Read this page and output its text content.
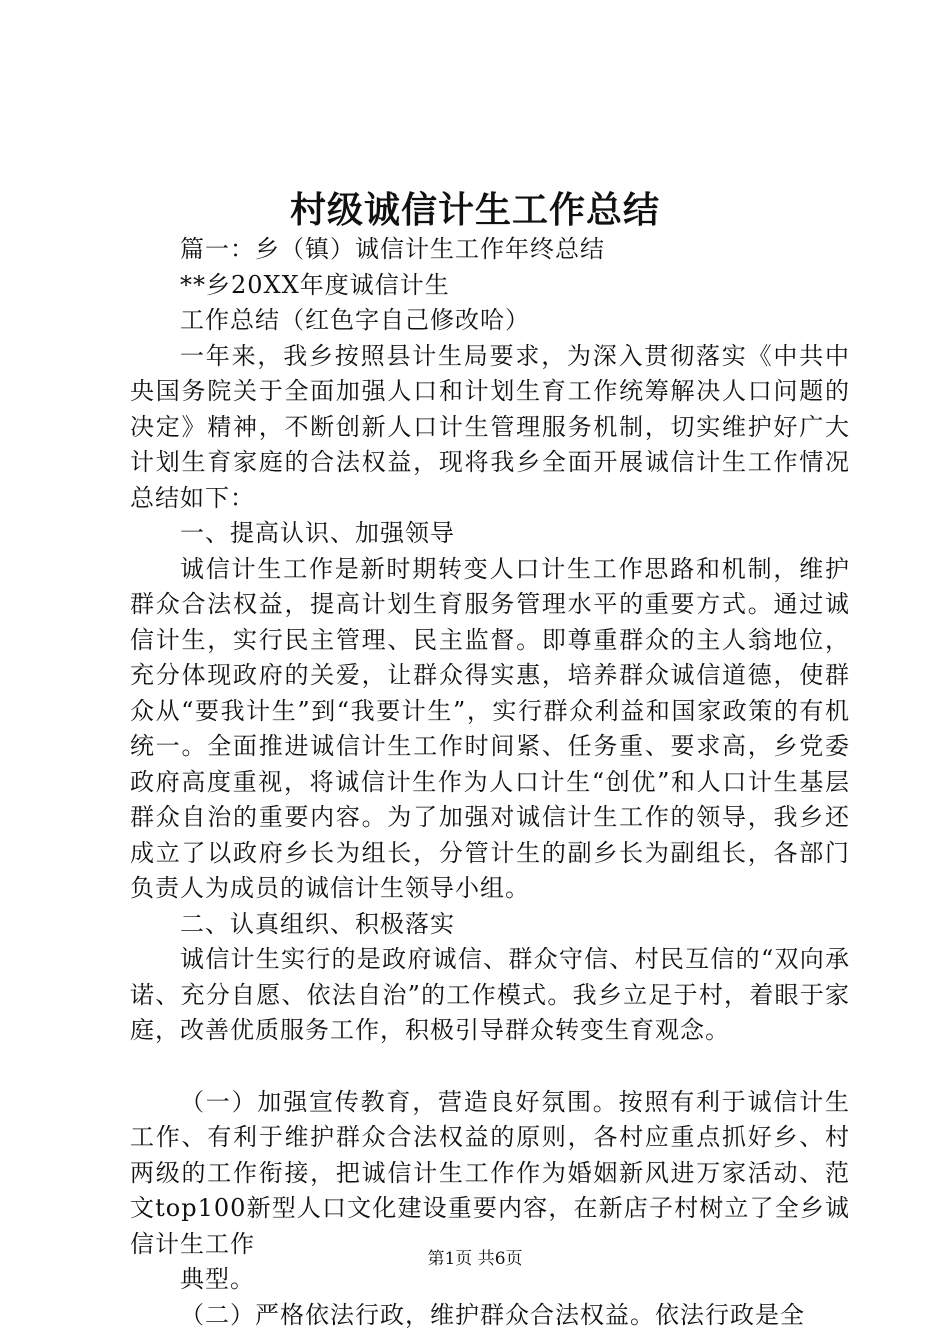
村级诚信计生工作总结

篇一：乡（镇）诚信计生工作年终总结

**乡20XX年度诚信计生

工作总结（红色字自己修改哈）

一年来，我乡按照县计生局要求，为深入贯彻落实《中共中央国务院关于全面加强人口和计划生育工作统筹解决人口问题的决定》精神，不断创新人口计生管理服务机制，切实维护好广大计划生育家庭的合法权益，现将我乡全面开展诚信计生工作情况总结如下：

一、提高认识、加强领导

诚信计生工作是新时期转变人口计生工作思路和机制，维护群众合法权益，提高计划生育服务管理水平的重要方式。通过诚信计生，实行民主管理、民主监督。即尊重群众的主人翁地位，充分体现政府的关爱，让群众得实惠，培养群众诚信道德，使群众从“要我计生”到“我要计生”，实行群众利益和国家政策的有机统一。全面推进诚信计生工作时间紧、任务重、要求高，乡党委政府高度重视，将诚信计生作为人口计生“创优”和人口计生基层群众自治的重要内容。为了加强对诚信计生工作的领导，我乡还成立了以政府乡长为组长，分管计生的副乡长为副组长，各部门负责人为成员的诚信计生领导小组。

二、认真组织、积极落实

诚信计生实行的是政府诚信、群众守信、村民互信的“双向承诺、充分自愿、依法自治”的工作模式。我乡立足于村，着眼于家庭，改善优质服务工作，积极引导群众转变生育观念。

（一）加强宣传教育，营造良好氛围。按照有利于诚信计生工作、有利于维护群众合法权益的原则，各村应重点抓好乡、村两级的工作衔接，把诚信计生工作作为婚姻新风进万家活动、范文top100新型人口文化建设重要内容，在新店子村树立了全乡诚信计生工作

典型。

（二）严格依法行政，维护群众合法权益。依法行政是全

第1页 共6页
